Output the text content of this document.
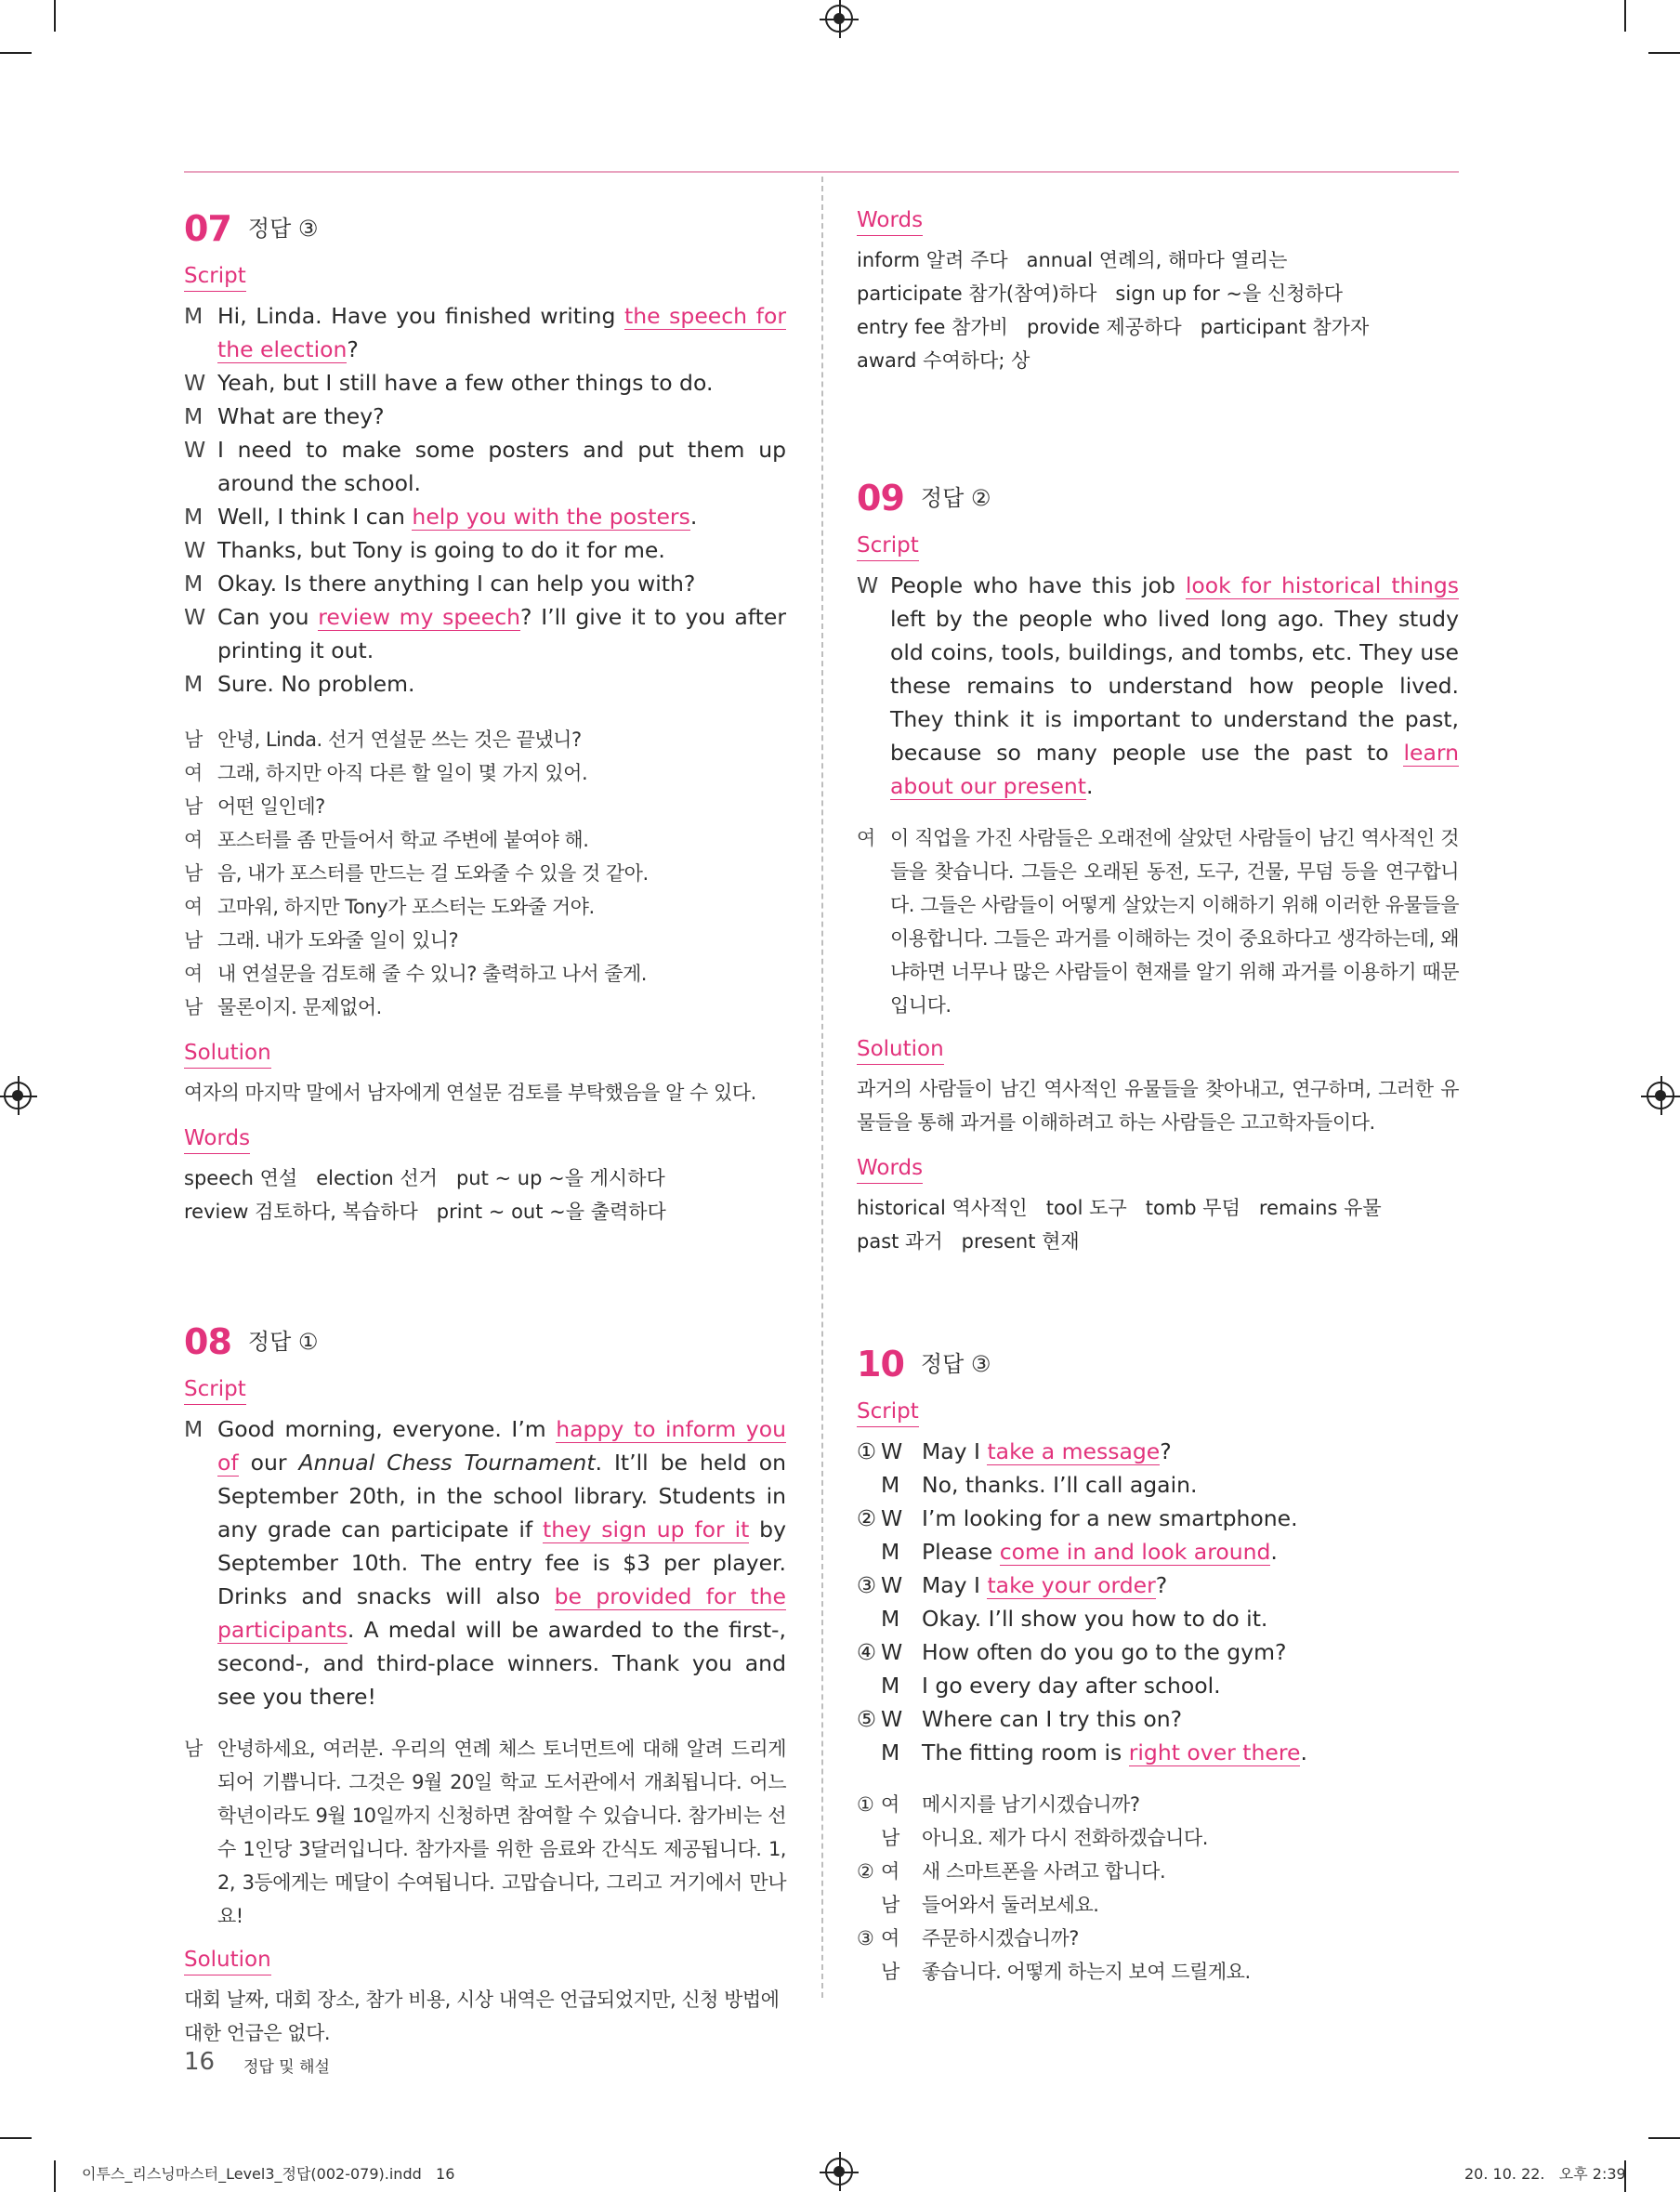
07 정답 ③
Script
M Hi, Linda. Have you finished writing the speech for the election?
W Yeah, but I still have a few other things to do.
M What are they?
W I need to make some posters and put them up around the school.
M Well, I think I can help you with the posters.
W Thanks, but Tony is going to do it for me.
M Okay. Is there anything I can help you with?
W Can you review my speech? I’ll give it to you after printing it out.
M Sure. No problem.
남 안녕, Linda. 선거 연설문 쓰는 것은 끝냈니?
여 그래, 하지만 아직 다른 할 일이 몇 가지 있어.
남 어떤 일인데?
여 포스터를 좀 만들어서 학교 주변에 붙여야 해.
남 음, 내가 포스터를 만드는 걸 도와줄 수 있을 것 같아.
여 고마워, 하지만 Tony가 포스터는 도와줄 거야.
남 그래. 내가 도와줄 일이 있니?
여 내 연설문을 검토해 줄 수 있니? 출력하고 나서 줄게.
남 물론이지. 문제없어.
Solution
여자의 마지막 말에서 남자에게 연설문 검토를 부탁했음을 알 수 있다.
Words
speech 연설   election 선거   put ~ up ~을 게시하다
review 검토하다, 복습하다   print ~ out ~을 출력하다
08 정답 ①
Script
M Good morning, everyone. I’m happy to inform you of our Annual Chess Tournament. It’ll be held on September 20th, in the school library. Students in any grade can participate if they sign up for it by September 10th. The entry fee is $3 per player. Drinks and snacks will also be provided for the participants. A medal will be awarded to the first-, second-, and third-place winners. Thank you and see you there!
남 안녕하세요, 여러분. 우리의 연례 체스 토너먼트에 대해 알려 드리게 되어 기쁩니다. 그것은 9월 20일 학교 도서관에서 개최됩니다. 어느 학년이라도 9월 10일까지 신청하면 참여할 수 있습니다. 참가비는 선수 1인당 3달러입니다. 참가자를 위한 음료와 간식도 제공됩니다. 1, 2, 3등에게는 메달이 수여됩니다. 고맙습니다, 그리고 거기에서 만나요!
Solution
대회 날짜, 대회 장소, 참가 비용, 시상 내역은 언급되었지만, 신청 방법에 대한 언급은 없다.
Words
inform 알려 주다   annual 연례의, 해마다 열리는
participate 참가(참여)하다   sign up for ~을 신청하다
entry fee 참가비   provide 제공하다   participant 참가자
award 수여하다; 상
09 정답 ②
Script
W People who have this job look for historical things left by the people who lived long ago. They study old coins, tools, buildings, and tombs, etc. They use these remains to understand how people lived. They think it is important to understand the past, because so many people use the past to learn about our present.
여 이 직업을 가진 사람들은 오래전에 살았던 사람들이 남긴 역사적인 것들을 찾습니다. 그들은 오래된 동전, 도구, 건물, 무덤 등을 연구합니다. 그들은 사람들이 어떻게 살았는지 이해하기 위해 이러한 유물들을 이용합니다. 그들은 과거를 이해하는 것이 중요하다고 생각하는데, 왜냐하면 너무나 많은 사람들이 현재를 알기 위해 과거를 이용하기 때문입니다.
Solution
과거의 사람들이 남긴 역사적인 유물들을 찾아내고, 연구하며, 그러한 유물들을 통해 과거를 이해하려고 하는 사람들은 고고학자들이다.
Words
historical 역사적인   tool 도구   tomb 무덤   remains 유물
past 과거   present 현재
10 정답 ③
Script
① W May I take a message?
M No, thanks. I’ll call again.
② W I’m looking for a new smartphone.
M Please come in and look around.
③ W May I take your order?
M Okay. I’ll show you how to do it.
④ W How often do you go to the gym?
M I go every day after school.
⑤ W Where can I try this on?
M The fitting room is right over there.
① 여 메시지를 남기시겠습니까?
남 아니요. 제가 다시 전화하겠습니다.
② 여 새 스마트폰을 사려고 합니다.
남 들어와서 둘러보세요.
③ 여 주문하시겠습니까?
남 좋습니다. 어떻게 하는지 보여 드릴게요.
16 정답 및 해설
이투스_리스닝마스터_Level3_정답(002-079).indd   16	20. 10. 22.   오후 2:39
